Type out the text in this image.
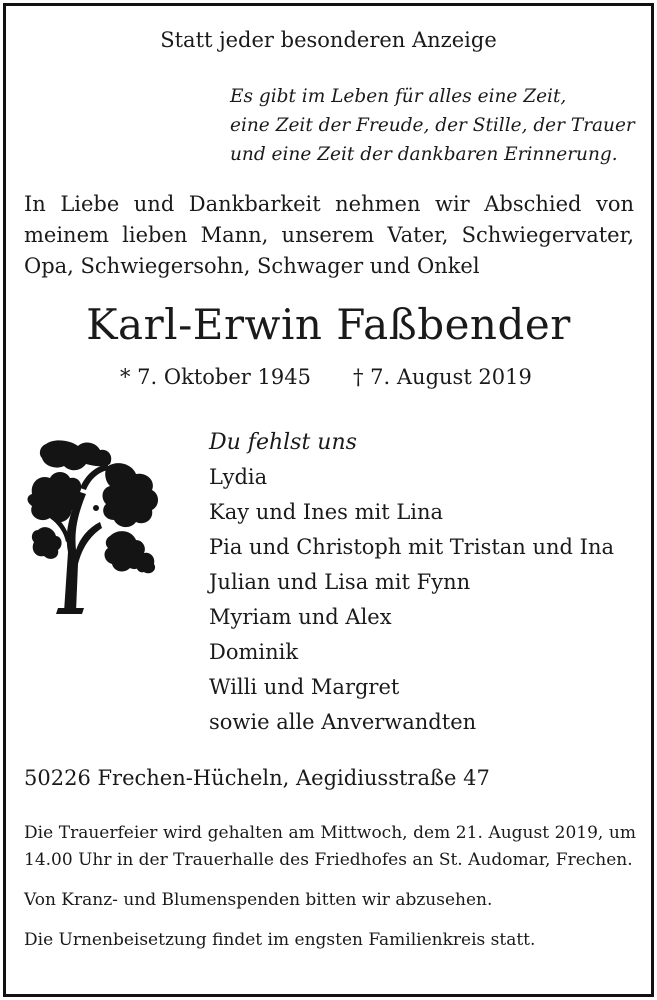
Statt jeder besonderen Anzeige
Es gibt im Leben für alles eine Zeit,
eine Zeit der Freude, der Stille, der Trauer
und eine Zeit der dankbaren Erinnerung.
In Liebe und Dankbarkeit nehmen wir Abschied von meinem lieben Mann, unserem Vater, Schwiegervater, Opa, Schwiegersohn, Schwager und Onkel
Karl-Erwin Faßbender
* 7. Oktober 1945 † 7. August 2019
Du fehlst uns
Lydia
Kay und Ines mit Lina
Pia und Christoph mit Tristan und Ina
Julian und Lisa mit Fynn
Myriam und Alex
Dominik
Willi und Margret
sowie alle Anverwandten
50226 Frechen-Hücheln, Aegidiusstraße 47

Die Trauerfeier wird gehalten am Mittwoch, dem 21. August 2019, um 14.00 Uhr in der Trauerhalle des Friedhofes an St. Audomar, Frechen.

Von Kranz- und Blumenspenden bitten wir abzusehen.

Die Urnenbeisetzung findet im engsten Familienkreis statt.
